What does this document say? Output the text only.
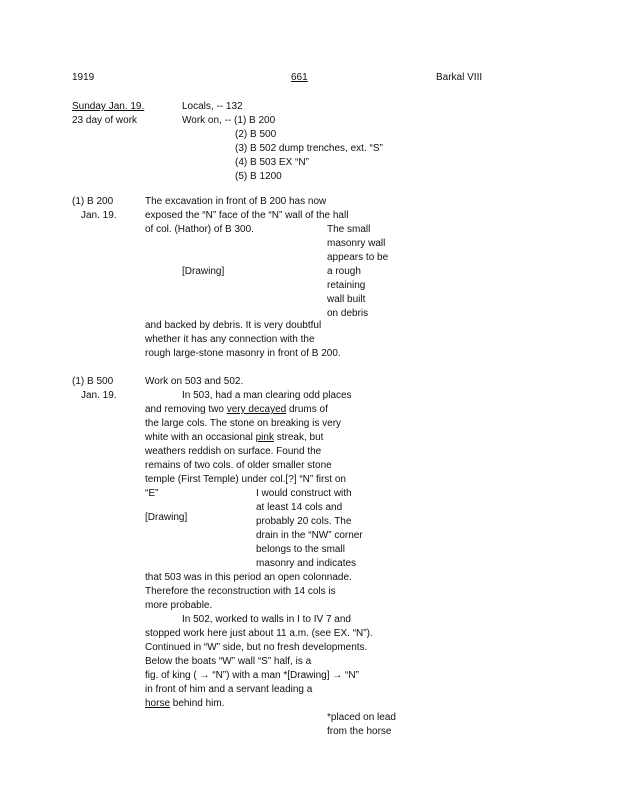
1919	661	Barkal VIII
Sunday Jan. 19.
23 day of work
Locals, -- 132
Work on, -- (1) B 200
(2) B 500
(3) B 502 dump trenches, ext. “S”
(4) B 503 EX “N”
(5) B 1200
(1) B 200
Jan. 19.
The excavation in front of B 200 has now
exposed the “N” face of the “N” wall of the hall
of col. (Hathor) of B 300.
[Drawing]
The small
masonry wall
appears to be
a rough
retaining
wall built
on debris
and backed by debris. It is very doubtful
whether it has any connection with the
rough large-stone masonry in front of B 200.
(1) B 500
Jan. 19.
Work on 503 and 502.
In 503, had a man clearing odd places
and removing two very decayed drums of
the large cols. The stone on breaking is very
white with an occasional pink streak, but
weathers reddish on surface. Found the
remains of two cols. of older smaller stone
temple (First Temple) under col.[?] “N” first on
“E”
[Drawing]
I would construct with
at least 14 cols and
probably 20 cols. The
drain in the “NW” corner
belongs to the small
masonry and indicates
that 503 was in this period an open colonnade.
Therefore the reconstruction with 14 cols is
more probable.
In 502, worked to walls in I to IV 7 and
stopped work here just about 11 a.m. (see EX. “N”).
Continued in “W” side, but no fresh developments.
Below the boats “W” wall “S” half, is a
fig. of king ( → “N”) with a man *[Drawing] → “N”
in front of him and a servant leading a
horse behind him.
*placed on lead
from the horse
